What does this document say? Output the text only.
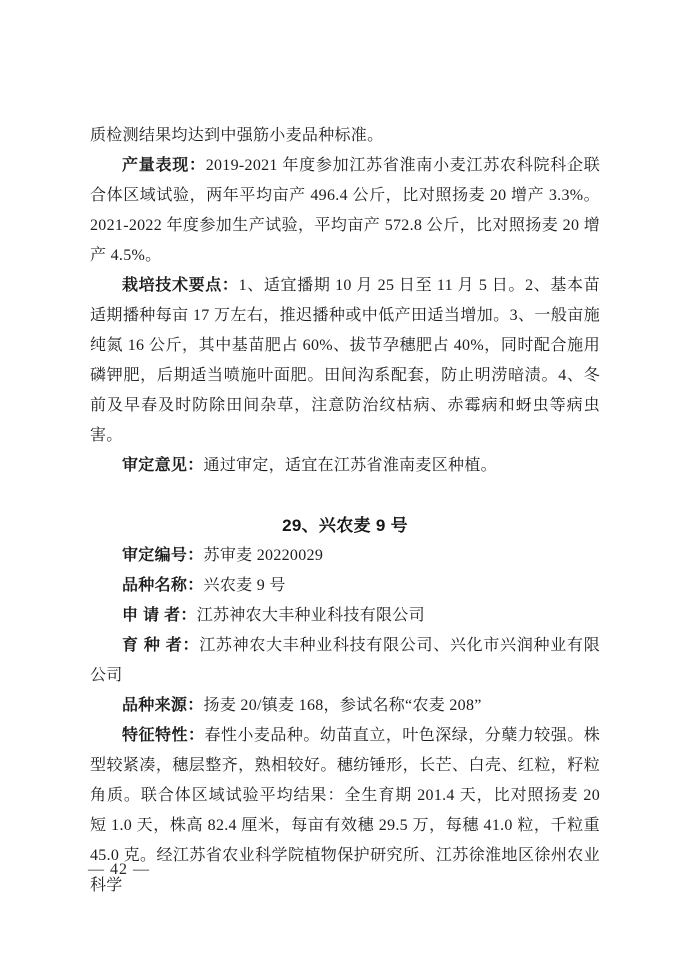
质检测结果均达到中强筋小麦品种标准。

产量表现：2019-2021 年度参加江苏省淮南小麦江苏农科院科企联合体区域试验，两年平均亩产 496.4 公斤，比对照扬麦 20 增产 3.3%。2021-2022 年度参加生产试验，平均亩产 572.8 公斤，比对照扬麦 20 增产 4.5%。

栽培技术要点：1、适宜播期 10 月 25 日至 11 月 5 日。2、基本苗适期播种每亩 17 万左右，推迟播种或中低产田适当增加。3、一般亩施纯氮 16 公斤，其中基苗肥占 60%、拔节孕穗肥占 40%，同时配合施用磷钾肥，后期适当喷施叶面肥。田间沟系配套，防止明涝暗渍。4、冬前及早春及时防除田间杂草，注意防治纹枯病、赤霉病和蚜虫等病虫害。

审定意见：通过审定，适宜在江苏省淮南麦区种植。

29、兴农麦 9 号

审定编号：苏审麦 20220029

品种名称：兴农麦 9 号

申 请 者：江苏神农大丰种业科技有限公司

育 种 者：江苏神农大丰种业科技有限公司、兴化市兴润种业有限公司

品种来源：扬麦 20/镇麦 168，参试名称“农麦 208”

特征特性：春性小麦品种。幼苗直立，叶色深绿，分蘖力较强。株型较紧凑，穗层整齐，熟相较好。穗纺锤形，长芒、白壳、红粒，籽粒角质。联合体区域试验平均结果：全生育期 201.4 天，比对照扬麦 20 短 1.0 天，株高 82.4 厘米，每亩有效穗 29.5 万，每穗 41.0 粒，千粒重 45.0 克。经江苏省农业科学院植物保护研究所、江苏徐淮地区徐州农业科学

— 42 —
